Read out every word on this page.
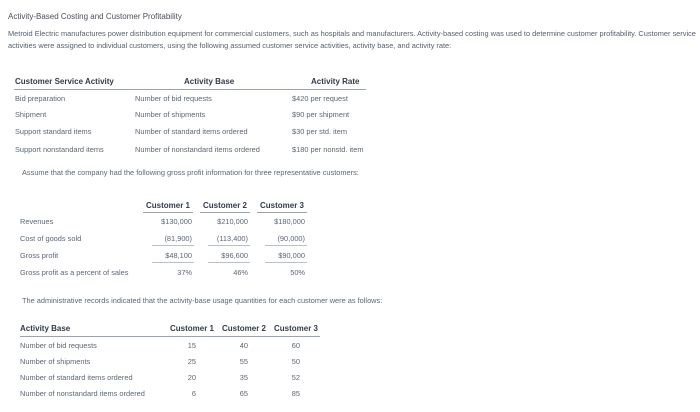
Activity-Based Costing and Customer Profitability
Metroid Electric manufactures power distribution equipment for commercial customers, such as hospitals and manufacturers. Activity-based costing was used to determine customer profitability. Customer service activities were assigned to individual customers, using the following assumed customer service activities, activity base, and activity rate:
Customer Service Activity	Activity Base	Activity Rate
Bid preparation	Number of bid requests	$420 per request
Shipment	Number of shipments	$90 per shipment
Support standard items	Number of standard items ordered	$30 per std. item
Support nonstandard items	Number of nonstandard items ordered	$180 per nonstd. item
Assume that the company had the following gross profit information for three representative customers:
Customer 1	Customer 2	Customer 3
Revenues	$130,000	$210,000	$180,000
Cost of goods sold	(81,900)	(113,400)	(90,000)
Gross profit	$48,100	$96,600	$90,000
Gross profit as a percent of sales	37%	46%	50%
The administrative records indicated that the activity-base usage quantities for each customer were as follows:
Activity Base	Customer 1 Customer 2 Customer 3
Number of bid requests	15	40	60
Number of shipments	25	55	50
Number of standard items ordered	20	35	52
Number of nonstandard items ordered	6	65	85
